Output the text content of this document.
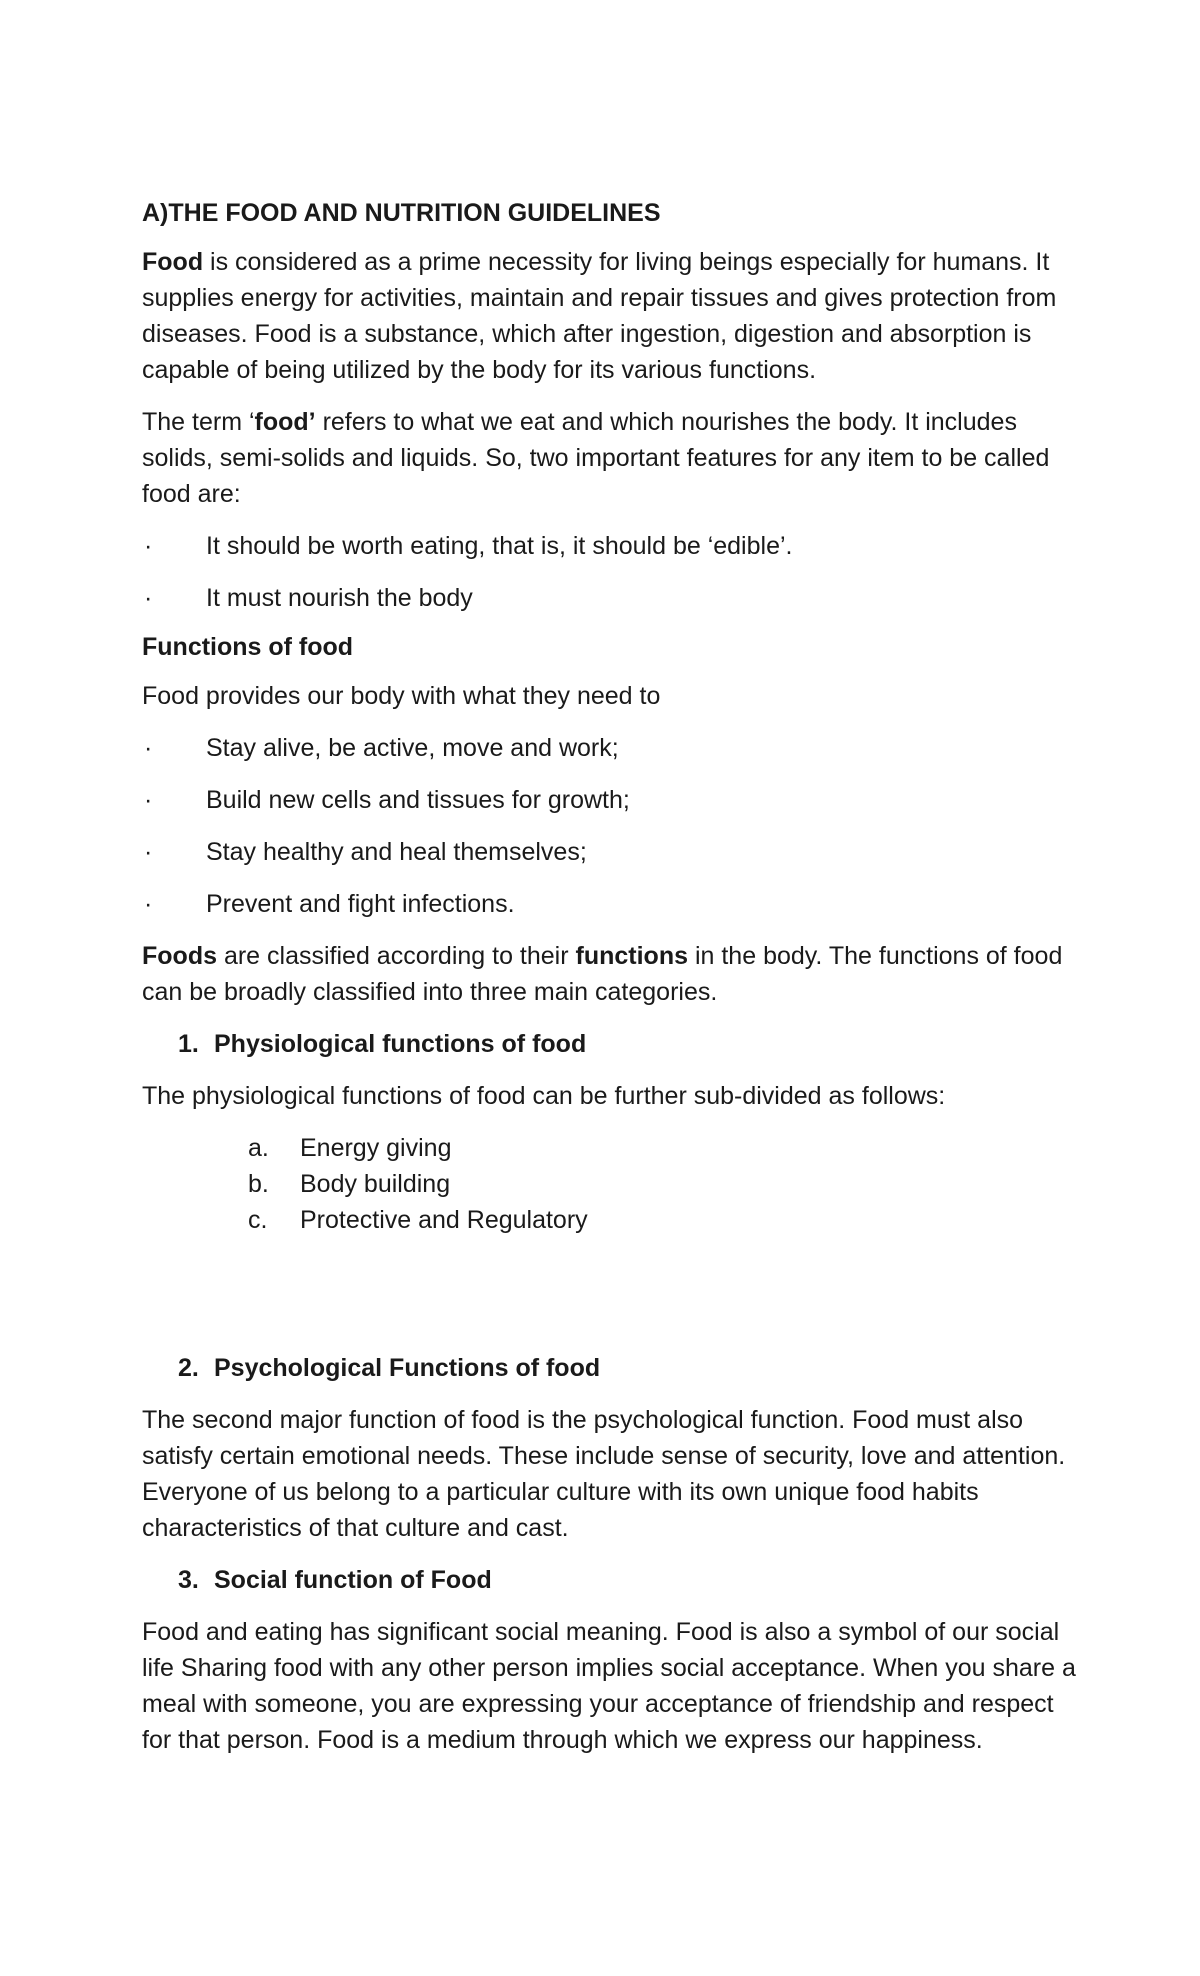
A)THE FOOD AND NUTRITION GUIDELINES

Food is considered as a prime necessity for living beings especially for humans. It supplies energy for activities, maintain and repair tissues and gives protection from diseases. Food is a substance, which after ingestion, digestion and absorption is capable of being utilized by the body for its various functions.

The term ‘food’ refers to what we eat and which nourishes the body. It includes solids, semi-solids and liquids. So, two important features for any item to be called food are:

·	It should be worth eating, that is, it should be ‘edible’.
·	It must nourish the body
Functions of food

Food provides our body with what they need to

·	Stay alive, be active, move and work;
·	Build new cells and tissues for growth;
·	Stay healthy and heal themselves;
·	Prevent and fight infections.

Foods are classified according to their functions in the body. The functions of food can be broadly classified into three main categories.

1. Physiological functions of food

The physiological functions of food can be further sub-divided as follows:

a.	Energy giving
b.	Body building
c.	Protective and Regulatory
2. Psychological Functions of food

The second major function of food is the psychological function. Food must also satisfy certain emotional needs. These include sense of security, love and attention. Everyone of us belong to a particular culture with its own unique food habits characteristics of that culture and cast.

3. Social function of Food

Food and eating has significant social meaning. Food is also a symbol of our social life Sharing food with any other person implies social acceptance. When you share a meal with someone, you are expressing your acceptance of friendship and respect for that person. Food is a medium through which we express our happiness.
